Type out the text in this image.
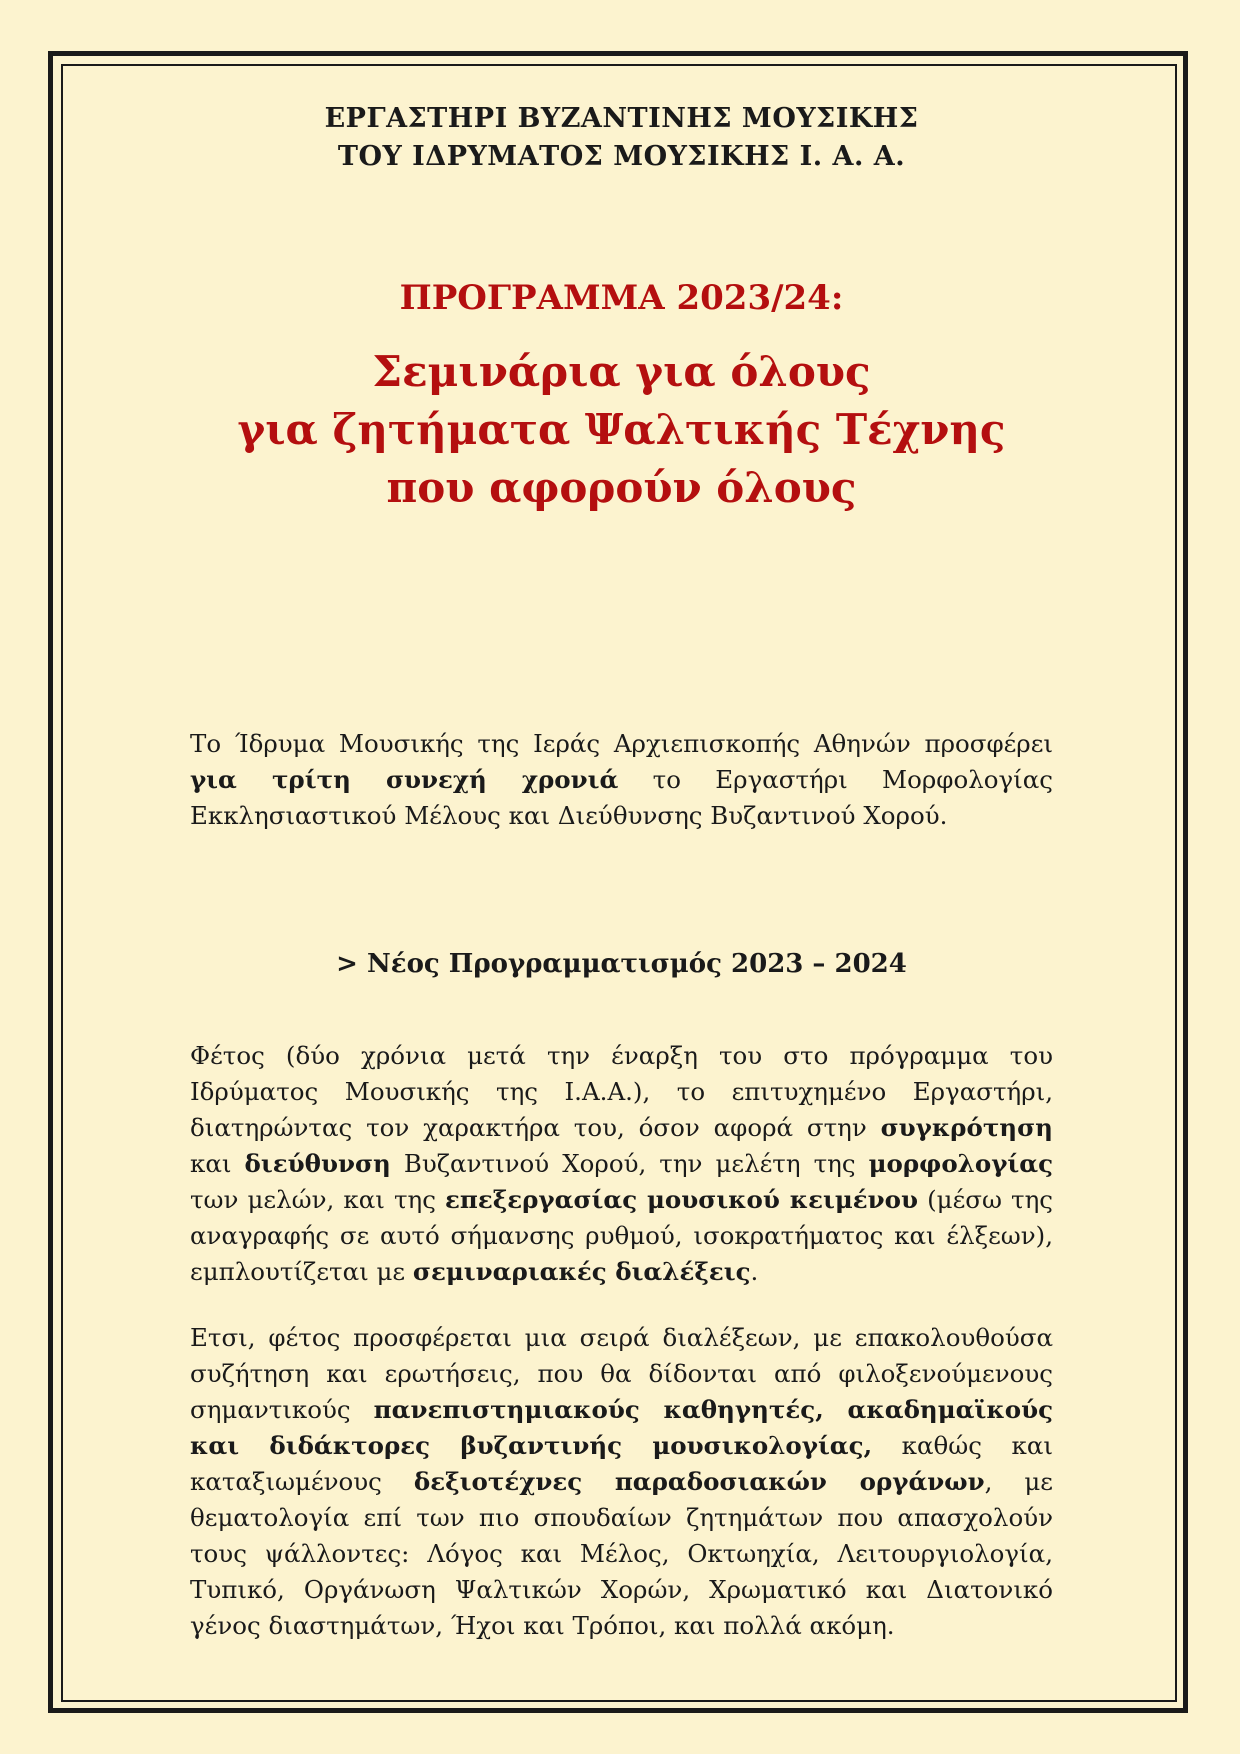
ΕΡΓΑΣΤΗΡΙ ΒΥΖΑΝΤΙΝΗΣ ΜΟΥΣΙΚΗΣ
ΤΟΥ ΙΔΡΥΜΑΤΟΣ ΜΟΥΣΙΚΗΣ Ι. Α. Α.
ΠΡΟΓΡΑΜΜΑ 2023/24:
Σεμινάρια για όλους
για ζητήματα Ψαλτικής Τέχνης
που αφορούν όλους
Το Ίδρυμα Μουσικής της Ιεράς Αρχιεπισκοπής Αθηνών προσφέρει για τρίτη συνεχή χρονιά το Εργαστήρι Μορφολογίας Εκκλησιαστικού Μέλους και Διεύθυνσης Βυζαντινού Χορού.
> Νέος Προγραμματισμός 2023 – 2024
Φέτος (δύο χρόνια μετά την έναρξη του στο πρόγραμμα του Ιδρύματος Μουσικής της Ι.Α.Α.), το επιτυχημένο Εργαστήρι, διατηρώντας τον χαρακτήρα του, όσον αφορά στην συγκρότηση και διεύθυνση Βυζαντινού Χορού, την μελέτη της μορφολογίας των μελών, και της επεξεργασίας μουσικού κειμένου (μέσω της αναγραφής σε αυτό σήμανσης ρυθμού, ισοκρατήματος και έλξεων), εμπλουτίζεται με σεμιναριακές διαλέξεις.
Ετσι, φέτος προσφέρεται μια σειρά διαλέξεων, με επακολουθούσα συζήτηση και ερωτήσεις, που θα δίδονται από φιλοξενούμενους σημαντικούς πανεπιστημιακούς καθηγητές, ακαδημαϊκούς και διδάκτορες βυζαντινής μουσικολογίας, καθώς και καταξιωμένους δεξιοτέχνες παραδοσιακών οργάνων, με θεματολογία επί των πιο σπουδαίων ζητημάτων που απασχολούν τους ψάλλοντες: Λόγος και Μέλος, Οκτωηχία, Λειτουργιολογία, Τυπικό, Οργάνωση Ψαλτικών Χορών, Χρωματικό και Διατονικό γένος διαστημάτων, Ήχοι και Τρόποι, και πολλά ακόμη.
